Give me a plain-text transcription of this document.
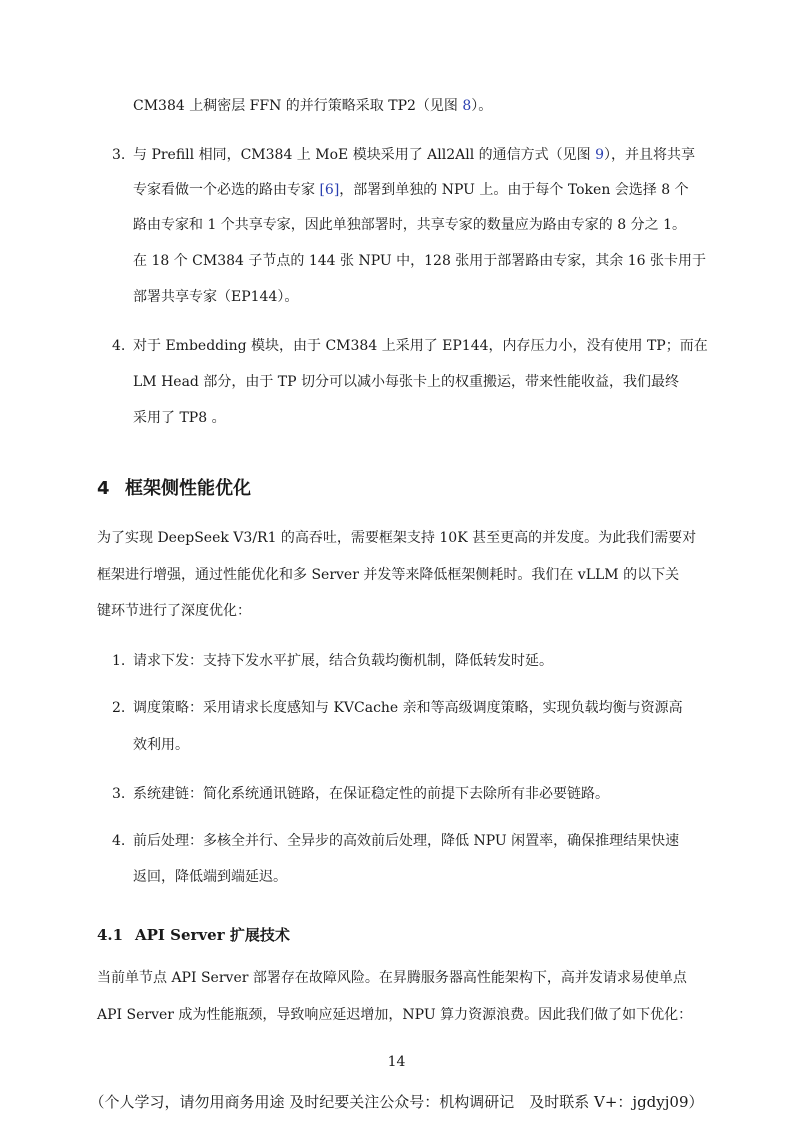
CM384 上稠密层 FFN 的并行策略采取 TP2（见图 8）。
3. 与 Prefill 相同，CM384 上 MoE 模块采用了 All2All 的通信方式（见图 9），并且将共享
专家看做一个必选的路由专家 [6]，部署到单独的 NPU 上。由于每个 Token 会选择 8 个
路由专家和 1 个共享专家，因此单独部署时，共享专家的数量应为路由专家的 8 分之 1。
在 18 个 CM384 子节点的 144 张 NPU 中，128 张用于部署路由专家，其余 16 张卡用于
部署共享专家（EP144）。
4. 对于 Embedding 模块，由于 CM384 上采用了 EP144，内存压力小，没有使用 TP；而在
LM Head 部分，由于 TP 切分可以减小每张卡上的权重搬运，带来性能收益，我们最终
采用了 TP8 。
4 框架侧性能优化
为了实现 DeepSeek V3/R1 的高吞吐，需要框架支持 10K 甚至更高的并发度。为此我们需要对
框架进行增强，通过性能优化和多 Server 并发等来降低框架侧耗时。我们在 vLLM 的以下关
键环节进行了深度优化：
1. 请求下发：支持下发水平扩展，结合负载均衡机制，降低转发时延。
2. 调度策略：采用请求长度感知与 KVCache 亲和等高级调度策略，实现负载均衡与资源高
效利用。
3. 系统建链：简化系统通讯链路，在保证稳定性的前提下去除所有非必要链路。
4. 前后处理：多核全并行、全异步的高效前后处理，降低 NPU 闲置率，确保推理结果快速
返回，降低端到端延迟。
4.1 API Server 扩展技术
当前单节点 API Server 部署存在故障风险。在昇腾服务器高性能架构下，高并发请求易使单点
API Server 成为性能瓶颈，导致响应延迟增加，NPU 算力资源浪费。因此我们做了如下优化：
14
（个人学习，请勿用商务用途 及时纪要关注公众号：机构调研记　及时联系 V+：jgdyj09）
